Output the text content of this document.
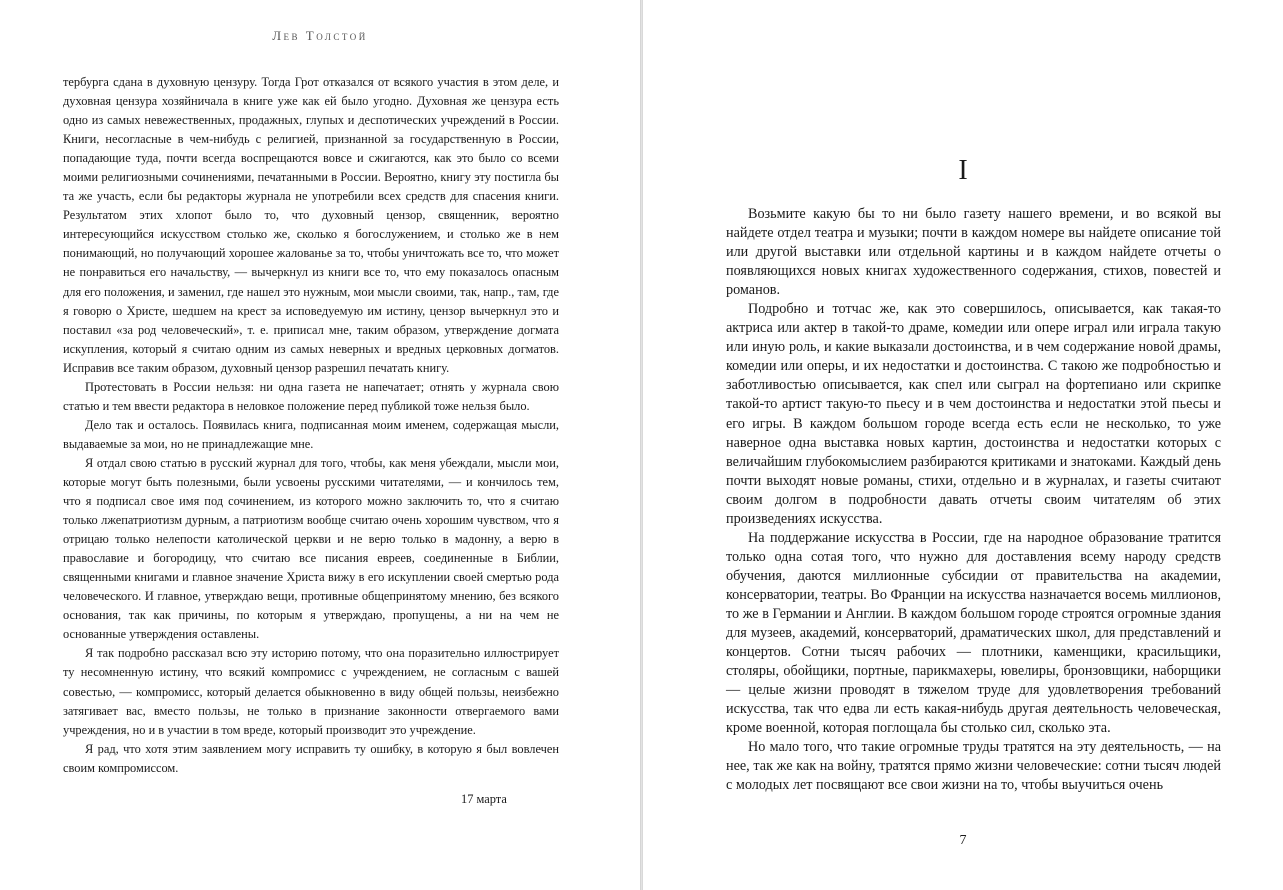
Лев Толстой

тербурга сдана в духовную цензуру. Тогда Грот отказался от всякого участия в этом деле, и духовная цензура хозяйничала в книге уже как ей было угодно. Духовная же цензура есть одно из самых невежественных, продажных, глупых и деспотических учреждений в России. Книги, несогласные в чем-нибудь с религией, признанной за государственную в России, попадающие туда, почти всегда воспрещаются вовсе и сжигаются, как это было со всеми моими религиозными сочинениями, печатанными в России. Вероятно, книгу эту постигла бы та же участь, если бы редакторы журнала не употребили всех средств для спасения книги. Результатом этих хлопот было то, что духовный цензор, священник, вероятно интересующийся искусством столько же, сколько я богослужением, и столько же в нем понимающий, но получающий хорошее жалованье за то, чтобы уничтожать все то, что может не понравиться его начальству, — вычеркнул из книги все то, что ему показалось опасным для его положения, и заменил, где нашел это нужным, мои мысли своими, так, напр., там, где я говорю о Христе, шедшем на крест за исповедуемую им истину, цензор вычеркнул это и поставил «за род человеческий», т. е. приписал мне, таким образом, утверждение догмата искупления, который я считаю одним из самых неверных и вредных церковных догматов. Исправив все таким образом, духовный цензор разрешил печатать книгу.

Протестовать в России нельзя: ни одна газета не напечатает; отнять у журнала свою статью и тем ввести редактора в неловкое положение перед публикой тоже нельзя было.

Дело так и осталось. Появилась книга, подписанная моим именем, содержащая мысли, выдаваемые за мои, но не принадлежащие мне.

Я отдал свою статью в русский журнал для того, чтобы, как меня убеждали, мысли мои, которые могут быть полезными, были усвоены русскими читателями, — и кончилось тем, что я подписал свое имя под сочинением, из которого можно заключить то, что я считаю только лжепатриотизм дурным, а патриотизм вообще считаю очень хорошим чувством, что я отрицаю только нелепости католической церкви и не верю только в мадонну, а верю в православие и богородицу, что считаю все писания евреев, соединенные в Библии, священными книгами и главное значение Христа вижу в его искуплении своей смертью рода человеческого. И главное, утверждаю вещи, противные общепринятому мнению, без всякого основания, так как причины, по которым я утверждаю, пропущены, а ни на чем не основанные утверждения оставлены.

Я так подробно рассказал всю эту историю потому, что она поразительно иллюстрирует ту несомненную истину, что всякий компромисс с учреждением, не согласным с вашей совестью, — компромисс, который делается обыкновенно в виду общей пользы, неизбежно затягивает вас, вместо пользы, не только в признание законности отвергаемого вами учреждения, но и в участии в том вреде, который производит это учреждение.

Я рад, что хотя этим заявлением могу исправить ту ошибку, в которую я был вовлечен своим компромиссом.

17 марта
I

Возьмите какую бы то ни было газету нашего времени, и во всякой вы найдете отдел театра и музыки; почти в каждом номере вы найдете описание той или другой выставки или отдельной картины и в каждом найдете отчеты о появляющихся новых книгах художественного содержания, стихов, повестей и романов.

Подробно и тотчас же, как это совершилось, описывается, как такая-то актриса или актер в такой-то драме, комедии или опере играл или играла такую или иную роль, и какие выказали достоинства, и в чем содержание новой драмы, комедии или оперы, и их недостатки и достоинства. С такою же подробностью и заботливостью описывается, как спел или сыграл на фортепиано или скрипке такой-то артист такую-то пьесу и в чем достоинства и недостатки этой пьесы и его игры. В каждом большом городе всегда есть если не несколько, то уже наверное одна выставка новых картин, достоинства и недостатки которых с величайшим глубокомыслием разбираются критиками и знатоками. Каждый день почти выходят новые романы, стихи, отдельно и в журналах, и газеты считают своим долгом в подробности давать отчеты своим читателям об этих произведениях искусства.

На поддержание искусства в России, где на народное образование тратится только одна сотая того, что нужно для доставления всему народу средств обучения, даются миллионные субсидии от правительства на академии, консерватории, театры. Во Франции на искусства назначается восемь миллионов, то же в Германии и Англии. В каждом большом городе строятся огромные здания для музеев, академий, консерваторий, драматических школ, для представлений и концертов. Сотни тысяч рабочих — плотники, каменщики, красильщики, столяры, обойщики, портные, парикмахеры, ювелиры, бронзовщики, наборщики — целые жизни проводят в тяжелом труде для удовлетворения требований искусства, так что едва ли есть какая-нибудь другая деятельность человеческая, кроме военной, которая поглощала бы столько сил, сколько эта.

Но мало того, что такие огромные труды тратятся на эту деятельность, — на нее, так же как на войну, тратятся прямо жизни человеческие: сотни тысяч людей с молодых лет посвящают все свои жизни на то, чтобы выучиться очень

7
